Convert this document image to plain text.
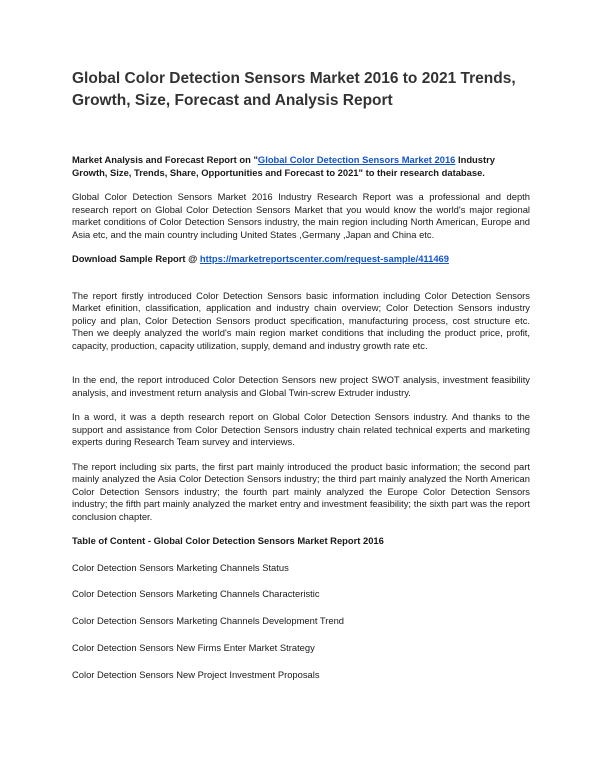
Global Color Detection Sensors Market 2016 to 2021 Trends, Growth, Size, Forecast and Analysis Report

Market Analysis and Forecast Report on "Global Color Detection Sensors Market 2016 Industry Growth, Size, Trends, Share, Opportunities and Forecast to 2021" to their research database.

Global Color Detection Sensors Market 2016 Industry Research Report was a professional and depth research report on Global Color Detection Sensors Market that you would know the world's major regional market conditions of Color Detection Sensors industry, the main region including North American, Europe and Asia etc, and the main country including United States ,Germany ,Japan and China etc.

Download Sample Report @ https://marketreportscenter.com/request-sample/411469

The report firstly introduced Color Detection Sensors basic information including Color Detection Sensors Market efinition, classification, application and industry chain overview; Color Detection Sensors industry policy and plan, Color Detection Sensors product specification, manufacturing process, cost structure etc. Then we deeply analyzed the world's main region market conditions that including the product price, profit, capacity, production, capacity utilization, supply, demand and industry growth rate etc.

In the end, the report introduced Color Detection Sensors new project SWOT analysis, investment feasibility analysis, and investment return analysis and Global Twin-screw Extruder industry.

In a word, it was a depth research report on Global Color Detection Sensors industry. And thanks to the support and assistance from Color Detection Sensors industry chain related technical experts and marketing experts during Research Team survey and interviews.

The report including six parts, the first part mainly introduced the product basic information; the second part mainly analyzed the Asia Color Detection Sensors industry; the third part mainly analyzed the North American Color Detection Sensors industry; the fourth part mainly analyzed the Europe Color Detection Sensors industry; the fifth part mainly analyzed the market entry and investment feasibility; the sixth part was the report conclusion chapter.

Table of Content - Global Color Detection Sensors Market Report 2016

Color Detection Sensors Marketing Channels Status
Color Detection Sensors Marketing Channels Characteristic
Color Detection Sensors Marketing Channels Development Trend
Color Detection Sensors New Firms Enter Market Strategy
Color Detection Sensors New Project Investment Proposals
